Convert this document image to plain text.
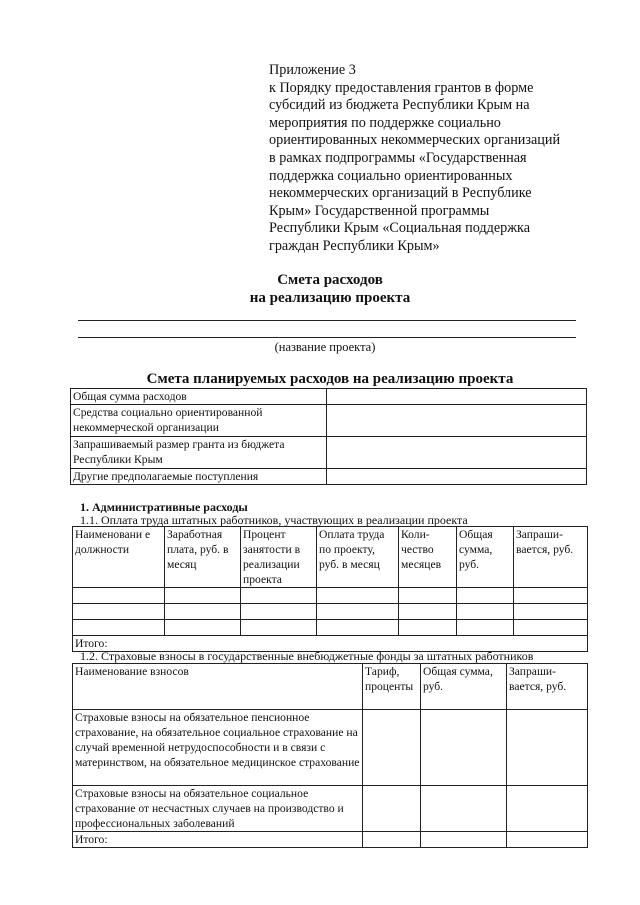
Приложение 3
к Порядку предоставления грантов в форме
субсидий из бюджета Республики Крым на
мероприятия по поддержке социально
ориентированных некоммерческих организаций
в рамках подпрограммы «Государственная
поддержка социально ориентированных
некоммерческих организаций в Республике
Крым» Государственной программы
Республики Крым «Социальная поддержка
граждан Республики Крым»
Смета расходов
на реализацию проекта
(название проекта)
Смета планируемых расходов на реализацию проекта
Общая сумма расходов	
Средства социально ориентированной некоммерческой организации	
Запрашиваемый размер гранта из бюджета Республики Крым	
Другие предполагаемые поступления	
1. Административные расходы
1.1. Оплата труда штатных работников, участвующих в реализации проекта
Наименовани е должности	Заработная плата, руб. в месяц	Процент занятости в реализации проекта	Оплата труда по проекту, руб. в месяц	Коли-чество месяцев	Общая сумма, руб.	Запраши-вается, руб.

Итого:						
1.2. Страховые взносы в государственные внебюджетные фонды за штатных работников
Наименование взносов	Тариф, проценты	Общая сумма, руб.	Запраши-вается, руб.
Страховые взносы на обязательное пенсионное страхование, на обязательное социальное страхование на случай временной нетрудоспособности и в связи с материнством, на обязательное медицинское страхование			
Страховые взносы на обязательное социальное страхование от несчастных случаев на производство и профессиональных заболеваний			
Итого:			
